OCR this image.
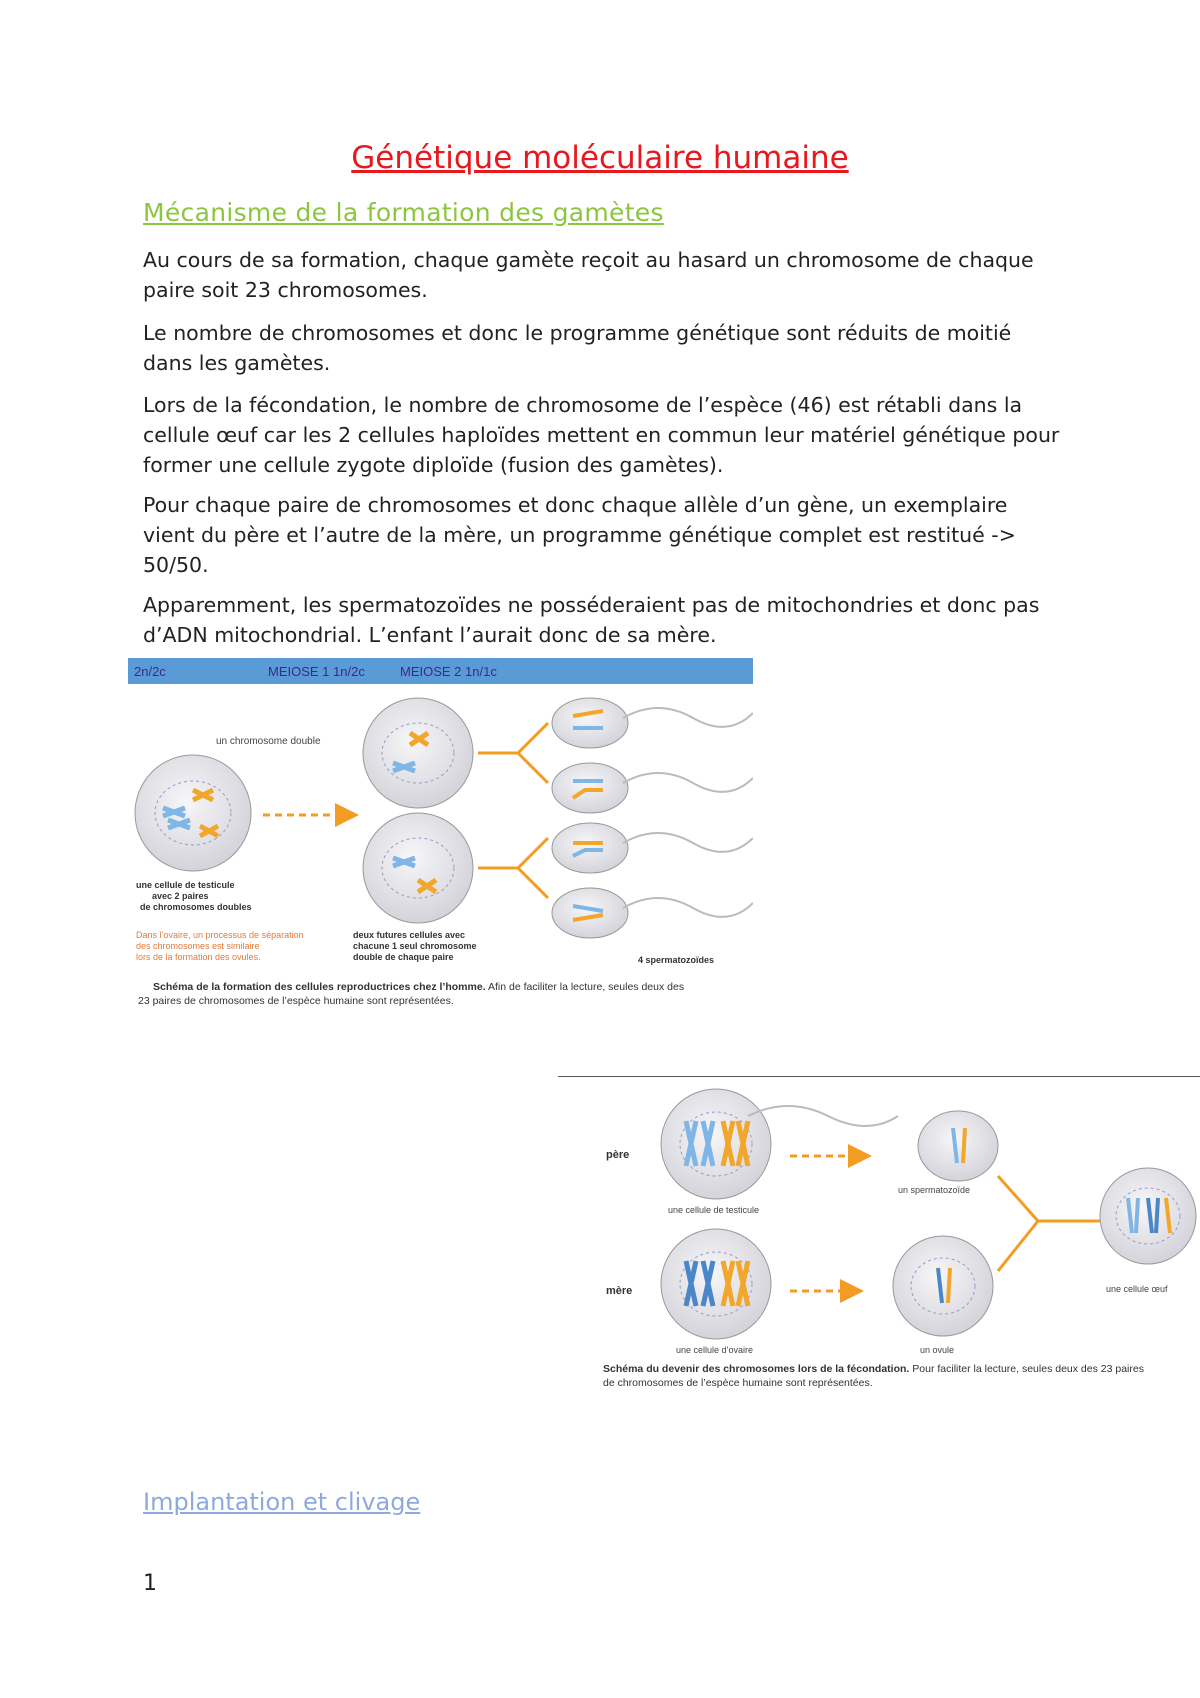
Génétique moléculaire humaine
Mécanisme de la formation des gamètes

Au cours de sa formation, chaque gamète reçoit au hasard un chromosome de chaque paire soit 23 chromosomes.

Le nombre de chromosomes et donc le programme génétique sont réduits de moitié dans les gamètes.

Lors de la fécondation, le nombre de chromosome de l’espèce (46) est rétabli dans la cellule œuf car les 2 cellules haploïdes mettent en commun leur matériel génétique pour former une cellule zygote diploïde (fusion des gamètes).

Pour chaque paire de chromosomes et donc chaque allèle d’un gène, un exemplaire vient du père et l’autre de la mère, un programme génétique complet est restitué -> 50/50.

Apparemment, les spermatozoïdes ne posséderaient pas de mitochondries et donc pas d’ADN mitochondrial. L’enfant l’aurait donc de sa mère.

2n/2c	MEIOSE 1 1n/2c	MEIOSE 2 1n/1c
un chromosome double
une cellule de testicule
avec 2 paires
de chromosomes doubles
Dans l’ovaire, un processus de séparation
des chromosomes est similaire
lors de la formation des ovules.
deux futures cellules avec
chacune 1 seul chromosome
double de chaque paire	4 spermatozoïdes
Schéma de la formation des cellules reproductrices chez l’homme. Afin de faciliter la lecture, seules deux des
23 paires de chromosomes de l’espèce humaine sont représentées.
père
mère
une cellule de testicule
un spermatozoïde
une cellule d’ovaire	un ovule
une cellule œuf
Schéma du devenir des chromosomes lors de la fécondation. Pour faciliter la lecture, seules deux des 23 paires
de chromosomes de l’espèce humaine sont représentées.
Implantation et clivage
1
